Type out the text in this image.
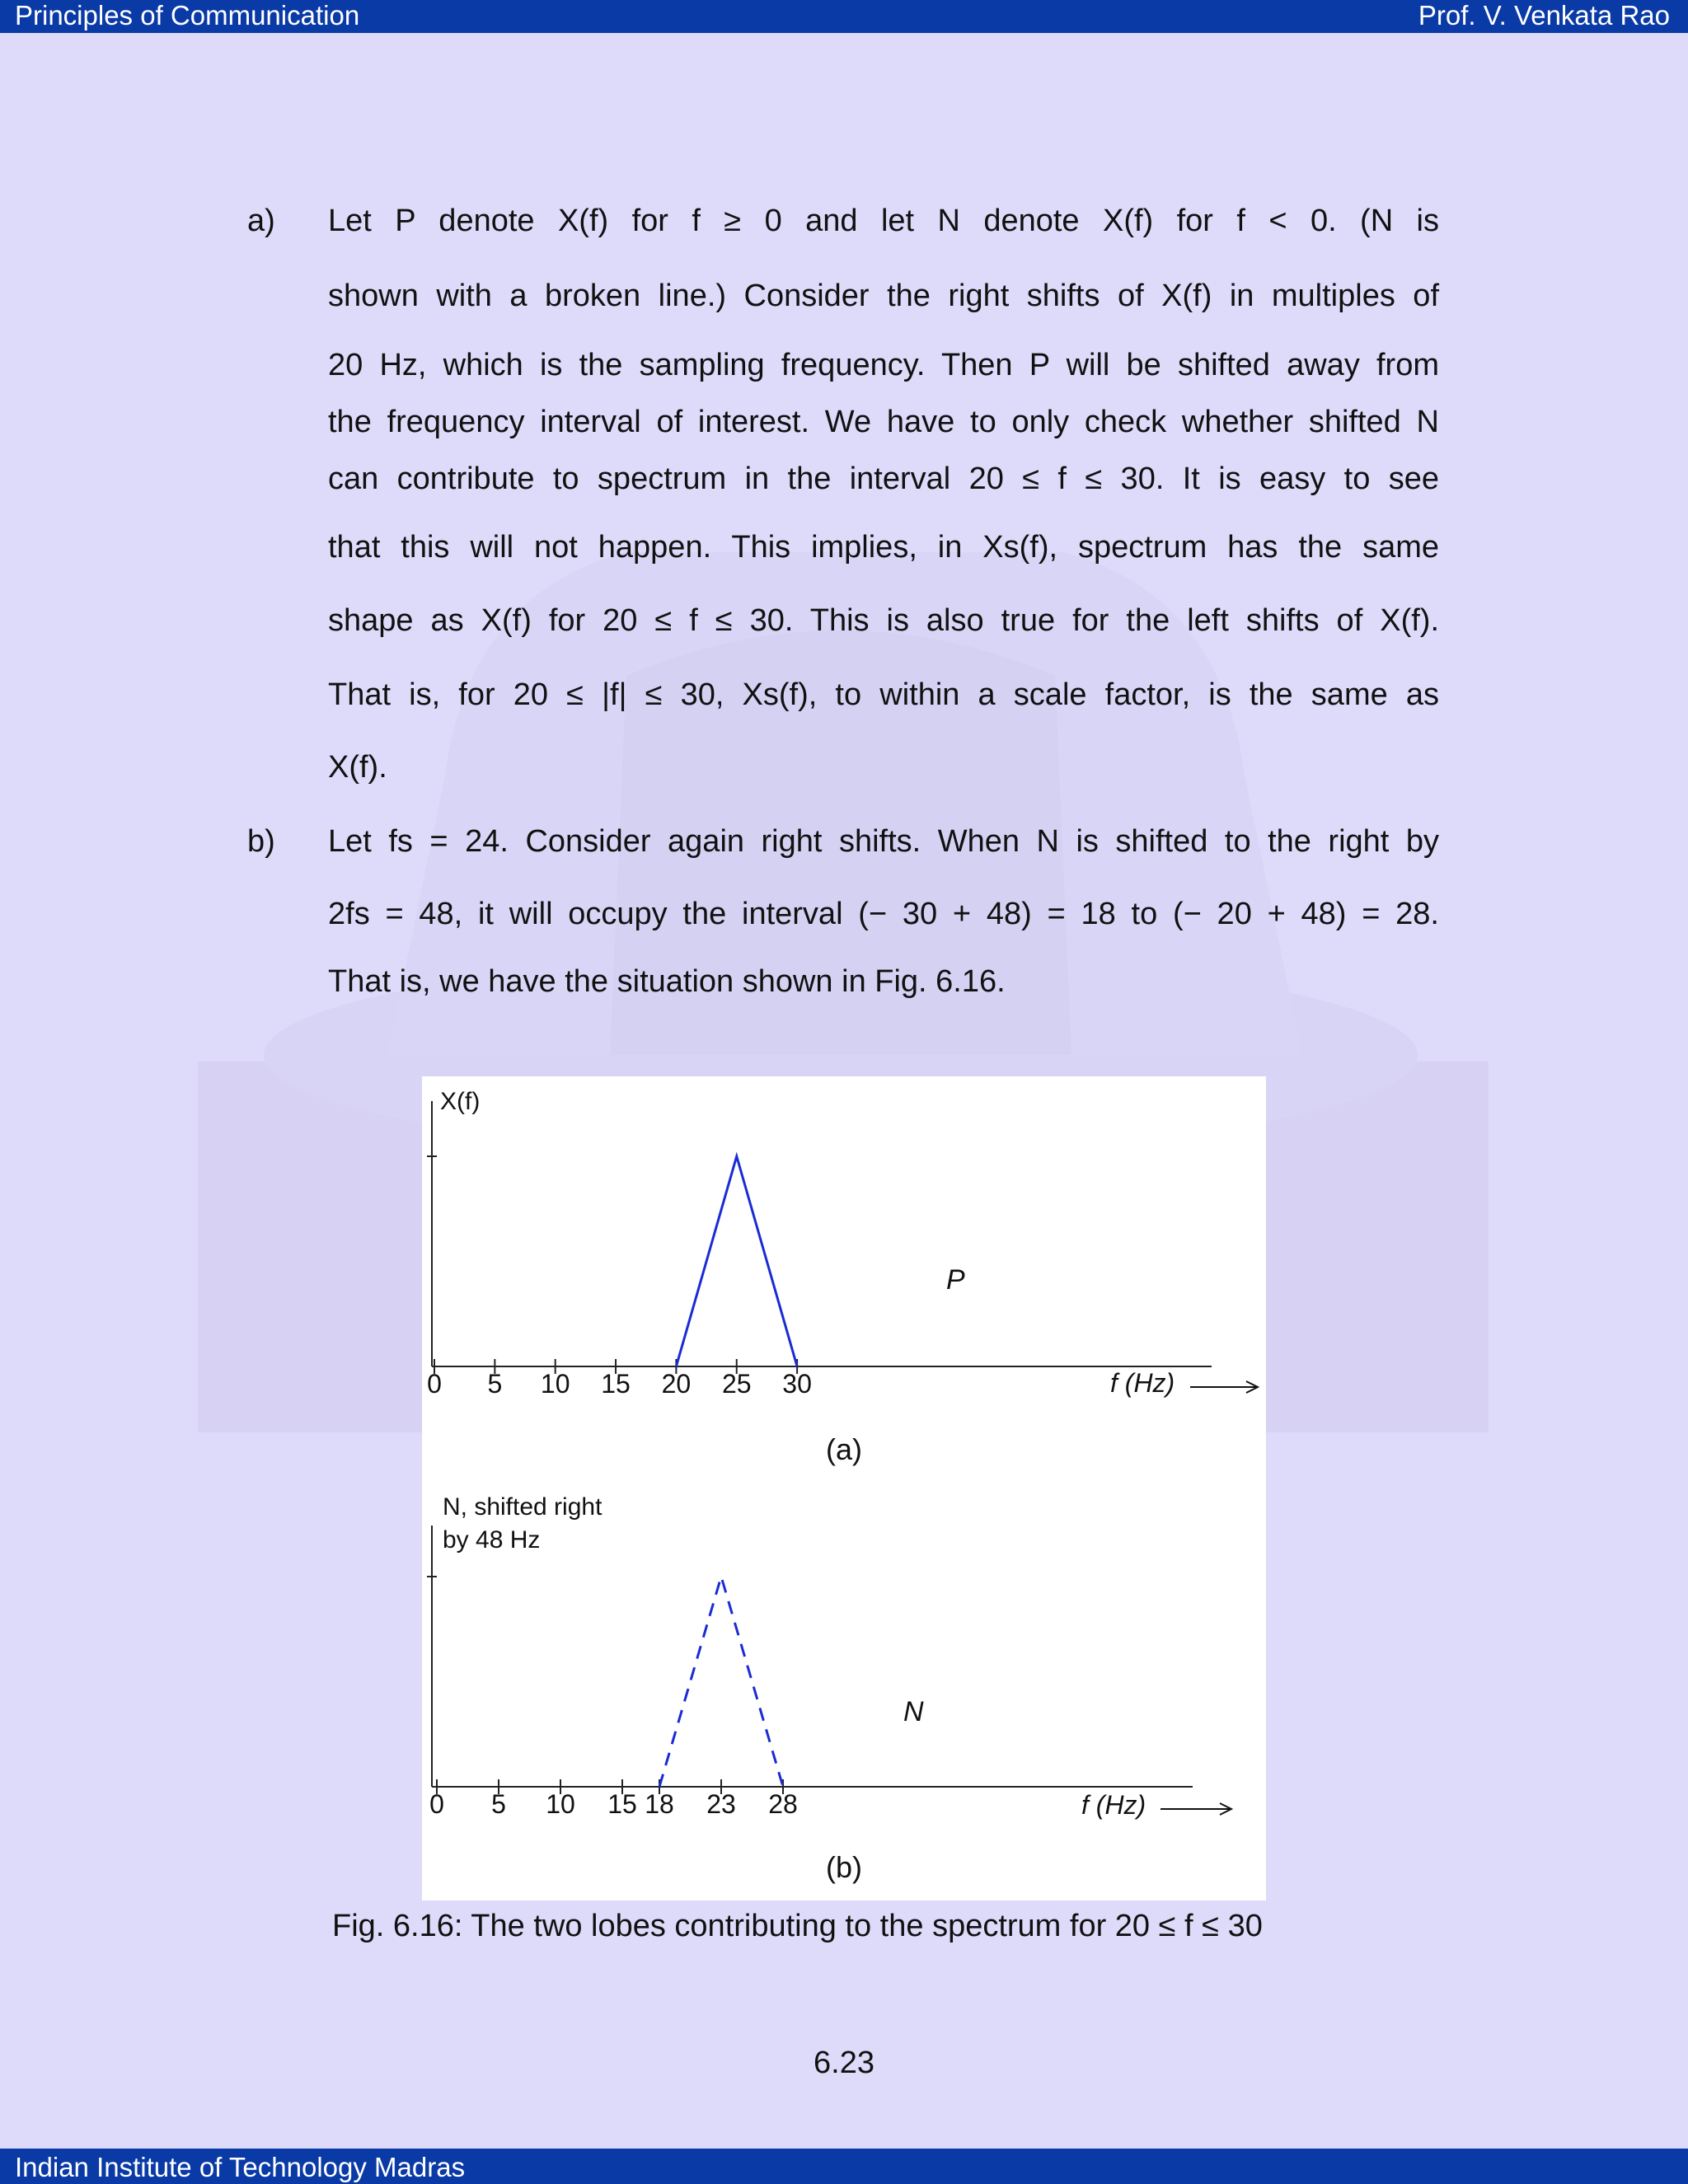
Principles of Communication	Prof. V. Venkata Rao
a) Let P denote X(f) for f ≥ 0 and let N denote X(f) for f < 0. (N is
shown with a broken line.) Consider the right shifts of X(f) in multiples of
20 Hz, which is the sampling frequency. Then P will be shifted away from
the frequency interval of interest. We have to only check whether shifted N
can contribute to spectrum in the interval 20 ≤ f ≤ 30. It is easy to see
that this will not happen. This implies, in Xs(f), spectrum has the same
shape as X(f) for 20 ≤ f ≤ 30. This is also true for the left shifts of X(f).
That is, for 20 ≤ |f| ≤ 30, Xs(f), to within a scale factor, is the same as
X(f).
b) Let fs = 24. Consider again right shifts. When N is shifted to the right by
2fs = 48, it will occupy the interval (− 30 + 48) = 18 to (− 20 + 48) = 28.
That is, we have the situation shown in Fig. 6.16.
X(f)
f (Hz)
0 5 10 15 20 25 30
P
(a)
N, shifted right
by 48 Hz
f (Hz)
0 5 10 15 18 23 28
N
(b)
Fig. 6.16: The two lobes contributing to the spectrum for 20 ≤ f ≤ 30
6.23
Indian Institute of Technology Madras
